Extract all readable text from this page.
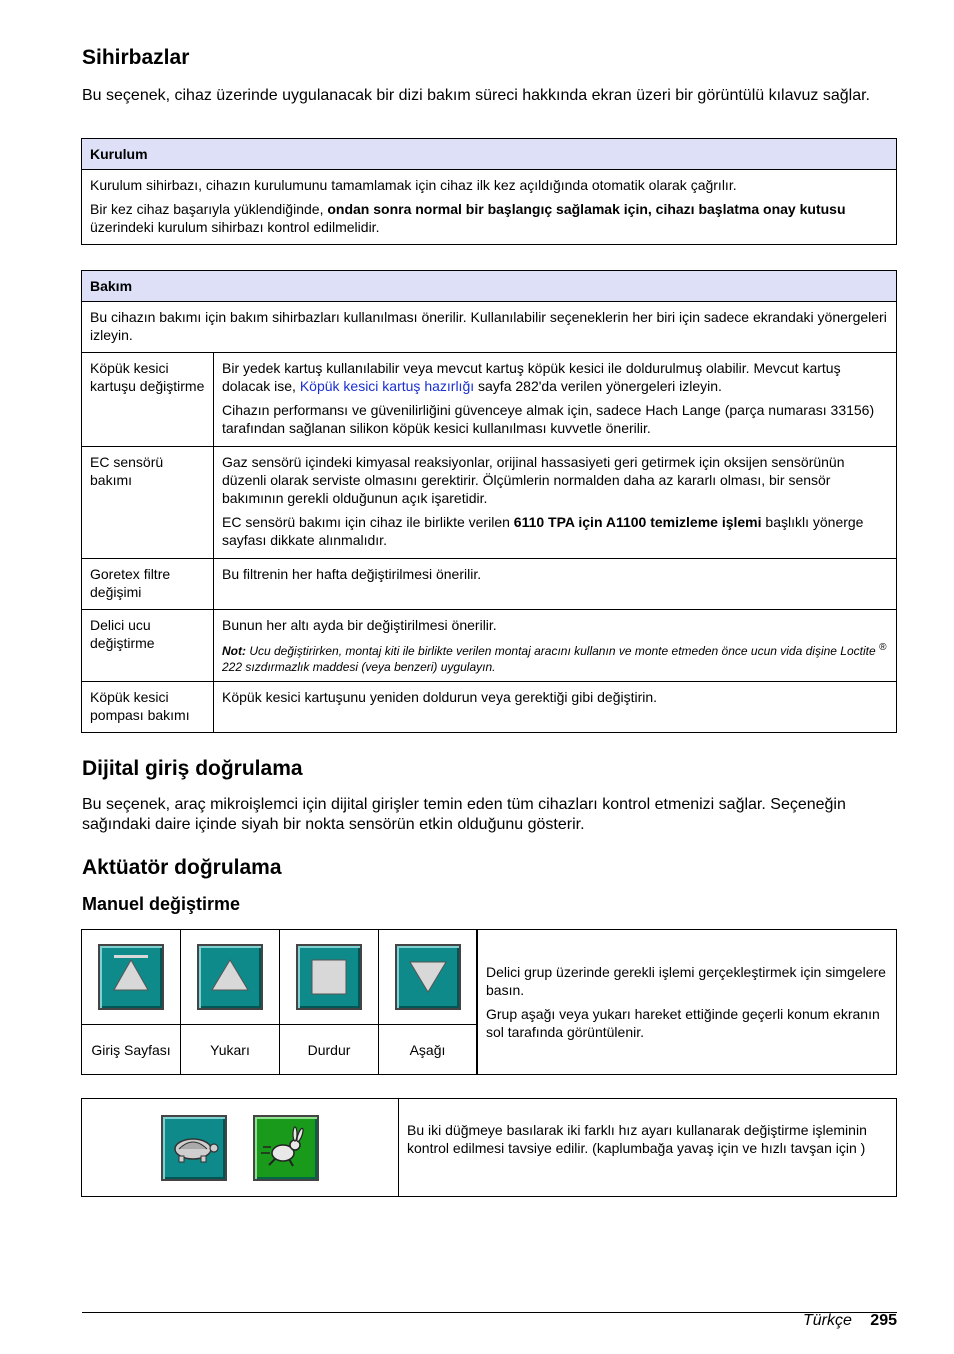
Sihirbazlar

Bu seçenek, cihaz üzerinde uygulanacak bir dizi bakım süreci hakkında ekran üzeri bir görüntülü kılavuz sağlar.

Kurulum

Kurulum sihirbazı, cihazın kurulumunu tamamlamak için cihaz ilk kez açıldığında otomatik olarak çağrılır.

Bir kez cihaz başarıyla yüklendiğinde, ondan sonra normal bir başlangıç sağlamak için, cihazı başlatma onay kutusu üzerindeki kurulum sihirbazı kontrol edilmelidir.

Bakım	
Bu cihazın bakımı için bakım sihirbazları kullanılması önerilir. Kullanılabilir seçeneklerin her biri için sadece ekrandaki yönergeleri izleyin.	
Köpük kesici kartuşu değiştirme	Bir yedek kartuş kullanılabilir veya mevcut kartuş köpük kesici ile doldurulmuş olabilir. Mevcut kartuş dolacak ise, Köpük kesici kartuş hazırlığı sayfa 282'da verilen yönergeleri izleyin.

Cihazın performansı ve güvenilirliğini güvenceye almak için, sadece Hach Lange (parça numarası 33156) tarafından sağlanan silikon köpük kesici kullanılması kuvvetle önerilir.

EC sensörü bakımı	Gaz sensörü içindeki kimyasal reaksiyonlar, orijinal hassasiyeti geri getirmek için oksijen sensörünün düzenli olarak serviste olmasını gerektirir. Ölçümlerin normalden daha az kararlı olması, bir sensör bakımının gerekli olduğunun açık işaretidir.

EC sensörü bakımı için cihaz ile birlikte verilen 6110 TPA için A1100 temizleme işlemi başlıklı yönerge sayfası dikkate alınmalıdır.

Goretex filtre değişimi	Bu filtrenin her hafta değiştirilmesi önerilir.
Delici ucu değiştirme	Bunun her altı ayda bir değiştirilmesi önerilir.

Not: Ucu değiştirirken, montaj kiti ile birlikte verilen montaj aracını kullanın ve monte etmeden önce ucun vida dişine Loctite ® 222 sızdırmazlık maddesi (veya benzeri) uygulayın.

Köpük kesici pompası bakımı	Köpük kesici kartuşunu yeniden doldurun veya gerektiği gibi değiştirin.
Dijital giriş doğrulama

Bu seçenek, araç mikroişlemci için dijital girişler temin eden tüm cihazları kontrol etmenizi sağlar. Seçeneğin sağındaki daire içinde siyah bir nokta sensörün etkin olduğunu gösterir.

Aktüatör doğrulama
Manuel değiştirme

Delici grup üzerinde gerekli işlemi gerçekleştirmek için simgelere basın.

Grup aşağı veya yukarı hareket ettiğinde geçerli konum ekranın sol tarafında görüntülenir.

Giriş Sayfası	Yukarı	Durdur	Aşağı	
	Bu iki düğmeye basılarak iki farklı hız ayarı kullanarak değiştirme işleminin kontrol edilmesi tavsiye edilir. (kaplumbağa yavaş için ve hızlı tavşan için )
Türkçe 295
